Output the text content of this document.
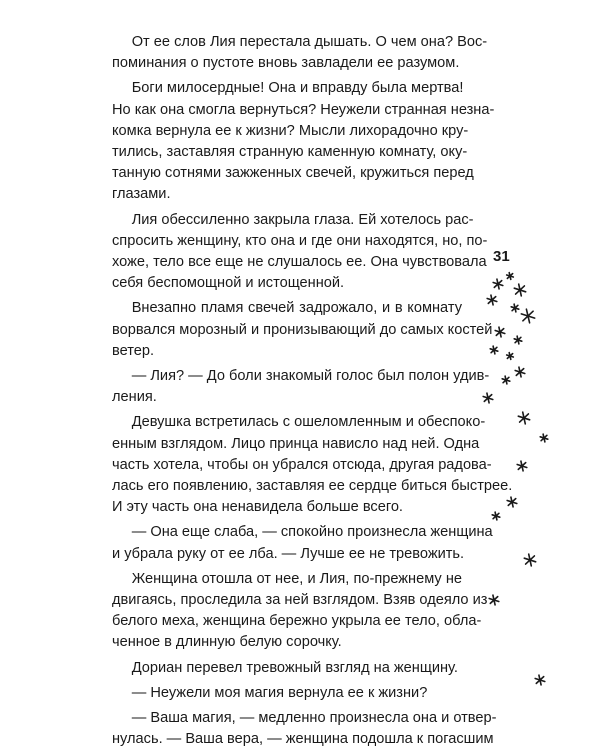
От ее слов Лия перестала дышать. О чем она? Вос-
поминания о пустоте вновь завладели ее разумом.

Боги милосердные! Она и вправду была мертва!
Но как она смогла вернуться? Неужели странная незна-
комка вернула ее к жизни? Мысли лихорадочно кру-
тились, заставляя странную каменную комнату, оку-
танную сотнями зажженных свечей, кружиться перед
глазами.

Лия обессиленно закрыла глаза. Ей хотелось рас-
спросить женщину, кто она и где они находятся, но, по-
хоже, тело все еще не слушалось ее. Она чувствовала
себя беспомощной и истощенной.

Внезапно пламя свечей задрожало, и в комнату
ворвался морозный и пронизывающий до самых костей
ветер.

— Лия? — До боли знакомый голос был полон удив-
ления.

Девушка встретилась с ошеломленным и обеспоко-
енным взглядом. Лицо принца нависло над ней. Одна
часть хотела, чтобы он убрался отсюда, другая радова-
лась его появлению, заставляя ее сердце биться быстрее.
И эту часть она ненавидела больше всего.

— Она еще слаба, — спокойно произнесла женщина
и убрала руку от ее лба. — Лучше ее не тревожить.

Женщина отошла от нее, и Лия, по-прежнему не
двигаясь, проследила за ней взглядом. Взяв одеяло из
белого меха, женщина бережно укрыла ее тело, обла-
ченное в длинную белую сорочку.

Дориан перевел тревожный взгляд на женщину.

— Неужели моя магия вернула ее к жизни?

— Ваша магия, — медленно произнесла она и отвер-
нулась. — Ваша вера, — женщина подошла к погасшим

31
